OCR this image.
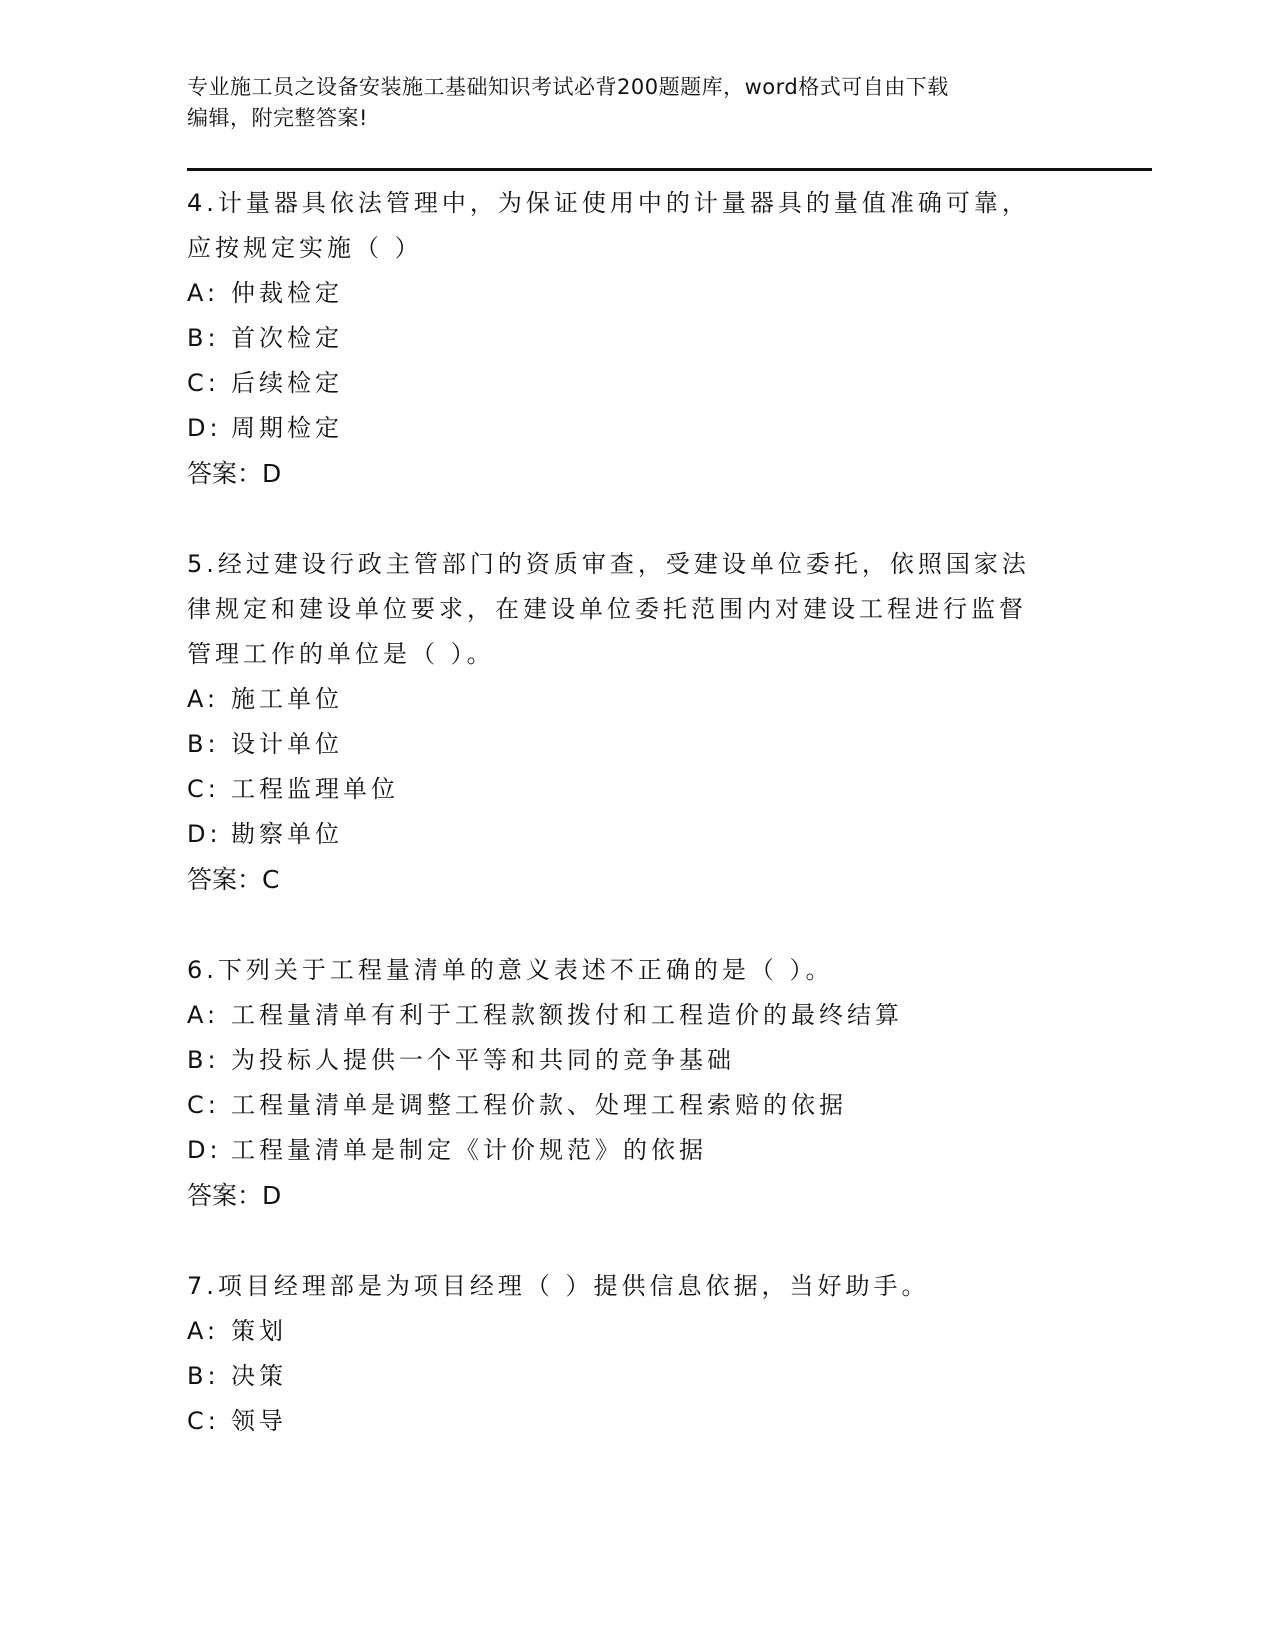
专业施工员之设备安装施工基础知识考试必背200题题库，word格式可自由下载
编辑，附完整答案!

4.计量器具依法管理中，为保证使用中的计量器具的量值准确可靠，
应按规定实施（ ）

A: 仲裁检定

B: 首次检定

C: 后续检定

D: 周期检定

答案：D

5.经过建设行政主管部门的资质审查，受建设单位委托，依照国家法
律规定和建设单位要求，在建设单位委托范围内对建设工程进行监督
管理工作的单位是（ ）。

A: 施工单位

B: 设计单位

C: 工程监理单位

D: 勘察单位

答案：C

6.下列关于工程量清单的意义表述不正确的是（ ）。

A: 工程量清单有利于工程款额拨付和工程造价的最终结算

B: 为投标人提供一个平等和共同的竞争基础

C: 工程量清单是调整工程价款、处理工程索赔的依据

D: 工程量清单是制定《计价规范》的依据

答案：D

7.项目经理部是为项目经理（ ）提供信息依据，当好助手。

A: 策划

B: 决策

C: 领导
